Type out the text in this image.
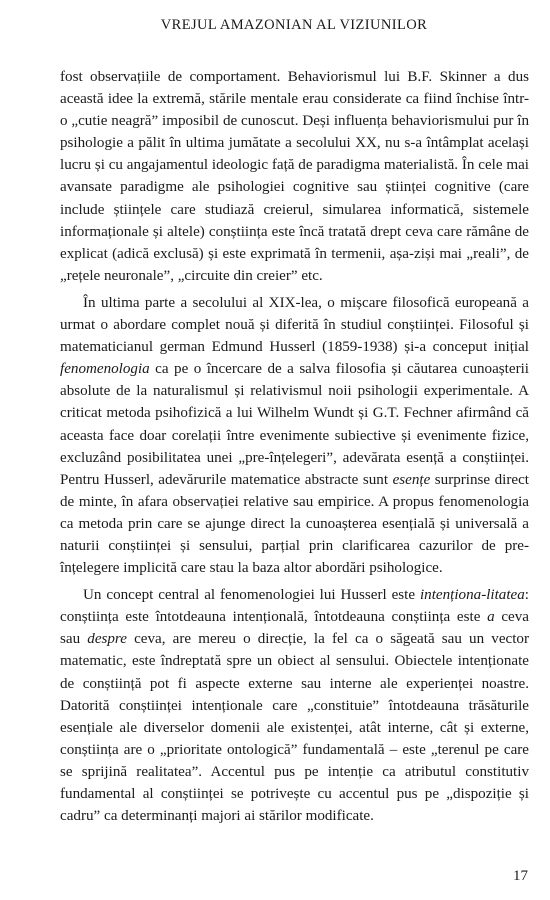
VREJUL AMAZONIAN AL VIZIUNILOR

fost observațiile de comportament. Behaviorismul lui B.F. Skinner a dus această idee la extremă, stările mentale erau considerate ca fiind închise într-o „cutie neagră” imposibil de cunoscut. Deși influența behaviorismului pur în psihologie a pălit în ultima jumătate a secolului XX, nu s-a întâmplat același lucru și cu angajamentul ideologic față de paradigma materialistă. În cele mai avansate paradigme ale psihologiei cognitive sau științei cognitive (care include științele care studiază creierul, simularea informatică, sistemele informaționale și altele) conștiința este încă tratată drept ceva care rămâne de explicat (adică exclusă) și este exprimată în termenii, așa-ziși mai „reali”, de „rețele neuronale”, „circuite din creier” etc.

În ultima parte a secolului al XIX-lea, o mișcare filosofică europeană a urmat o abordare complet nouă și diferită în studiul conștiinței. Filosoful și matematicianul german Edmund Husserl (1859-1938) și-a conceput inițial fenomenologia ca pe o încercare de a salva filosofia și căutarea cunoașterii absolute de la naturalismul și relativismul noii psihologii experimentale. A criticat metoda psihofizică a lui Wilhelm Wundt și G.T. Fechner afirmând că aceasta face doar corelații între evenimente subiective și evenimente fizice, excluzând posibilitatea unei „pre-înțelegeri”, adevărata esență a conștiinței. Pentru Husserl, adevărurile matematice abstracte sunt esențe surprinse direct de minte, în afara observației relative sau empirice. A propus fenomenologia ca metoda prin care se ajunge direct la cunoașterea esențială și universală a naturii conștiinței și sensului, parțial prin clarificarea cazurilor de pre-înțelegere implicită care stau la baza altor abordări psihologice.

Un concept central al fenomenologiei lui Husserl este intenționa-litatea: conștiința este întotdeauna intențională, întotdeauna conștiința este a ceva sau despre ceva, are mereu o direcție, la fel ca o săgeată sau un vector matematic, este îndreptată spre un obiect al sensului. Obiectele intenționate de conștiință pot fi aspecte externe sau interne ale experienței noastre. Datorită conștiinței intenționale care „constituie” întotdeauna trăsăturile esențiale ale diverselor domenii ale existenței, atât interne, cât și externe, conștiința are o „prioritate ontologică” fundamentală – este „terenul pe care se sprijină realitatea”. Accentul pus pe intenție ca atributul constitutiv fundamental al conștiinței se potrivește cu accentul pus pe „dispoziție și cadru” ca determinanți majori ai stărilor modificate.

17
